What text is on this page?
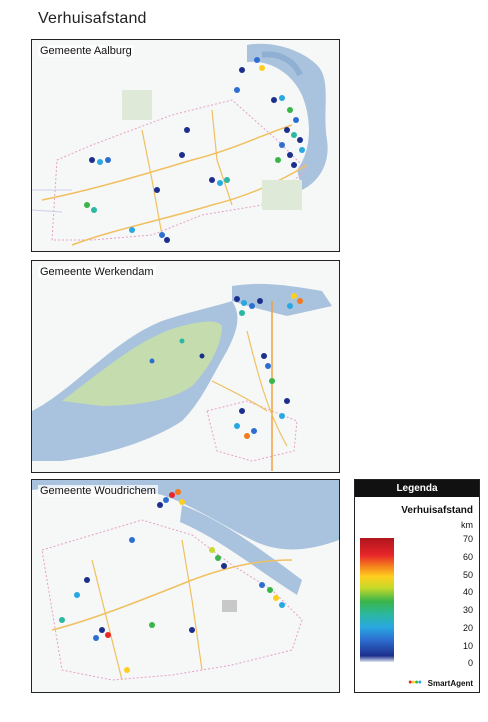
Verhuisafstand
Gemeente Aalburg
Gemeente Werkendam
Gemeente Woudrichem	Legenda
Verhuisafstand
km
70
60
50
40
30
20
10
0
●●●● SmartAgent
